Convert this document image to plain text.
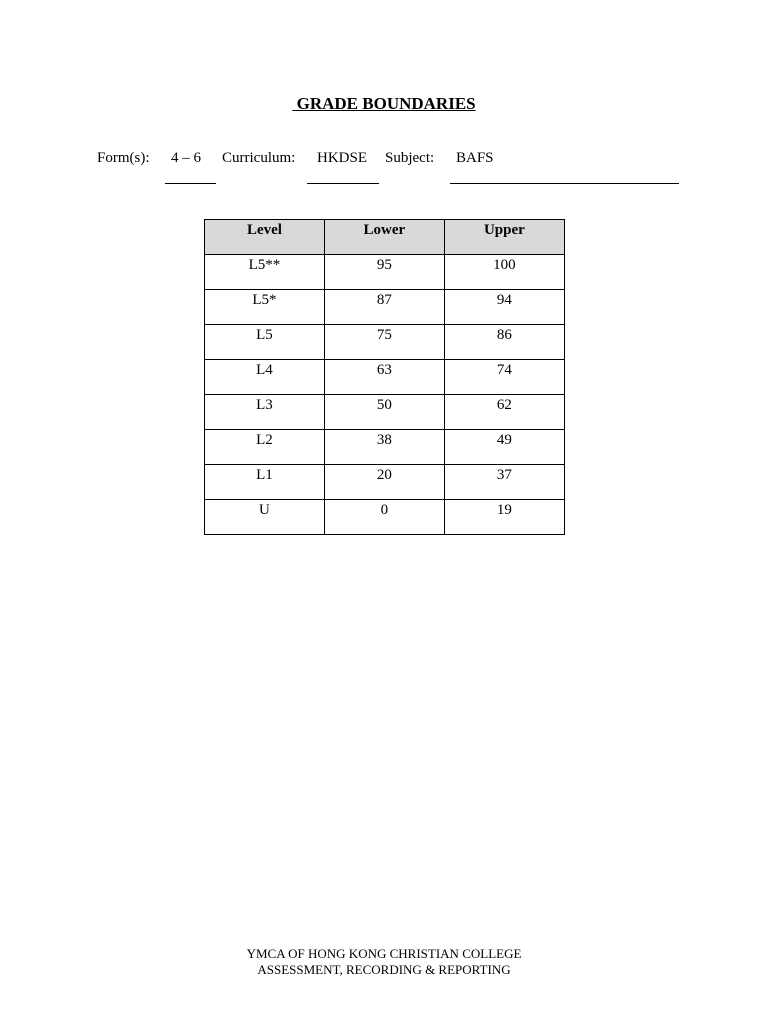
GRADE BOUNDARIES
Form(s): 4 – 6 Curriculum: HKDSE Subject: BAFS
Level	Lower	Upper
L5**	95	100
L5*	87	94
L5	75	86
L4	63	74
L3	50	62
L2	38	49
L1	20	37
U	0	19
YMCA OF HONG KONG CHRISTIAN COLLEGE
ASSESSMENT, RECORDING & REPORTING
